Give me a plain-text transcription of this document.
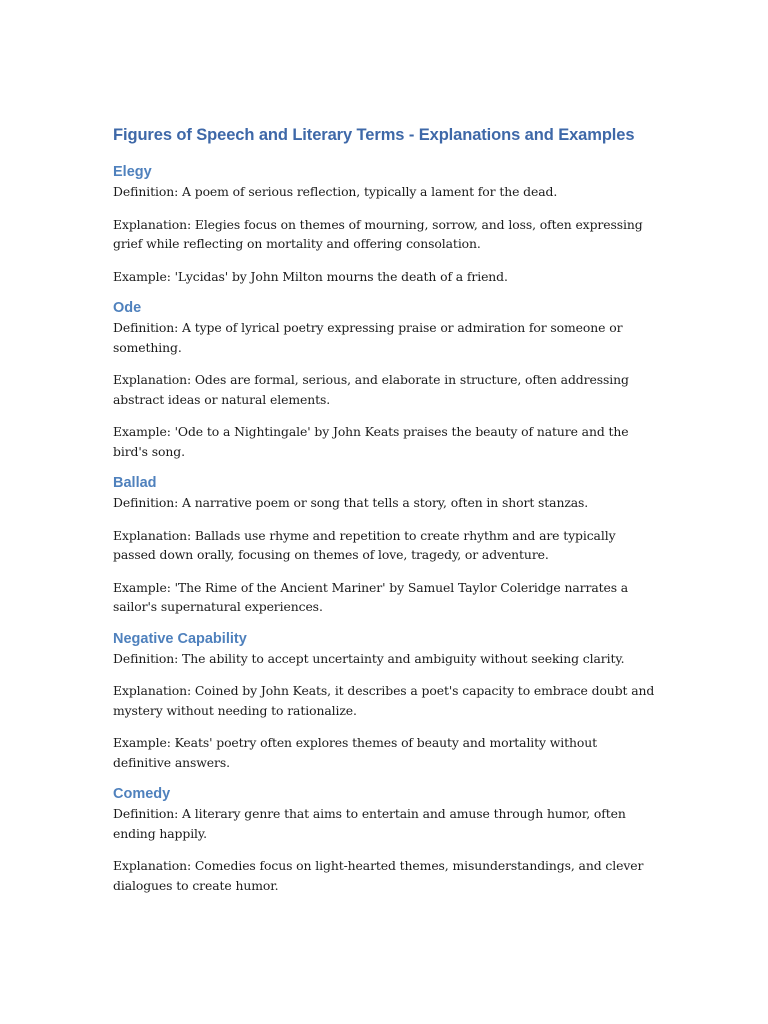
Figures of Speech and Literary Terms - Explanations and Examples
Elegy

Definition: A poem of serious reflection, typically a lament for the dead.

Explanation: Elegies focus on themes of mourning, sorrow, and loss, often expressing grief while reflecting on mortality and offering consolation.

Example: 'Lycidas' by John Milton mourns the death of a friend.

Ode

Definition: A type of lyrical poetry expressing praise or admiration for someone or something.

Explanation: Odes are formal, serious, and elaborate in structure, often addressing abstract ideas or natural elements.

Example: 'Ode to a Nightingale' by John Keats praises the beauty of nature and the bird's song.

Ballad

Definition: A narrative poem or song that tells a story, often in short stanzas.

Explanation: Ballads use rhyme and repetition to create rhythm and are typically passed down orally, focusing on themes of love, tragedy, or adventure.

Example: 'The Rime of the Ancient Mariner' by Samuel Taylor Coleridge narrates a sailor's supernatural experiences.

Negative Capability

Definition: The ability to accept uncertainty and ambiguity without seeking clarity.

Explanation: Coined by John Keats, it describes a poet's capacity to embrace doubt and mystery without needing to rationalize.

Example: Keats' poetry often explores themes of beauty and mortality without definitive answers.

Comedy

Definition: A literary genre that aims to entertain and amuse through humor, often ending happily.

Explanation: Comedies focus on light-hearted themes, misunderstandings, and clever dialogues to create humor.
